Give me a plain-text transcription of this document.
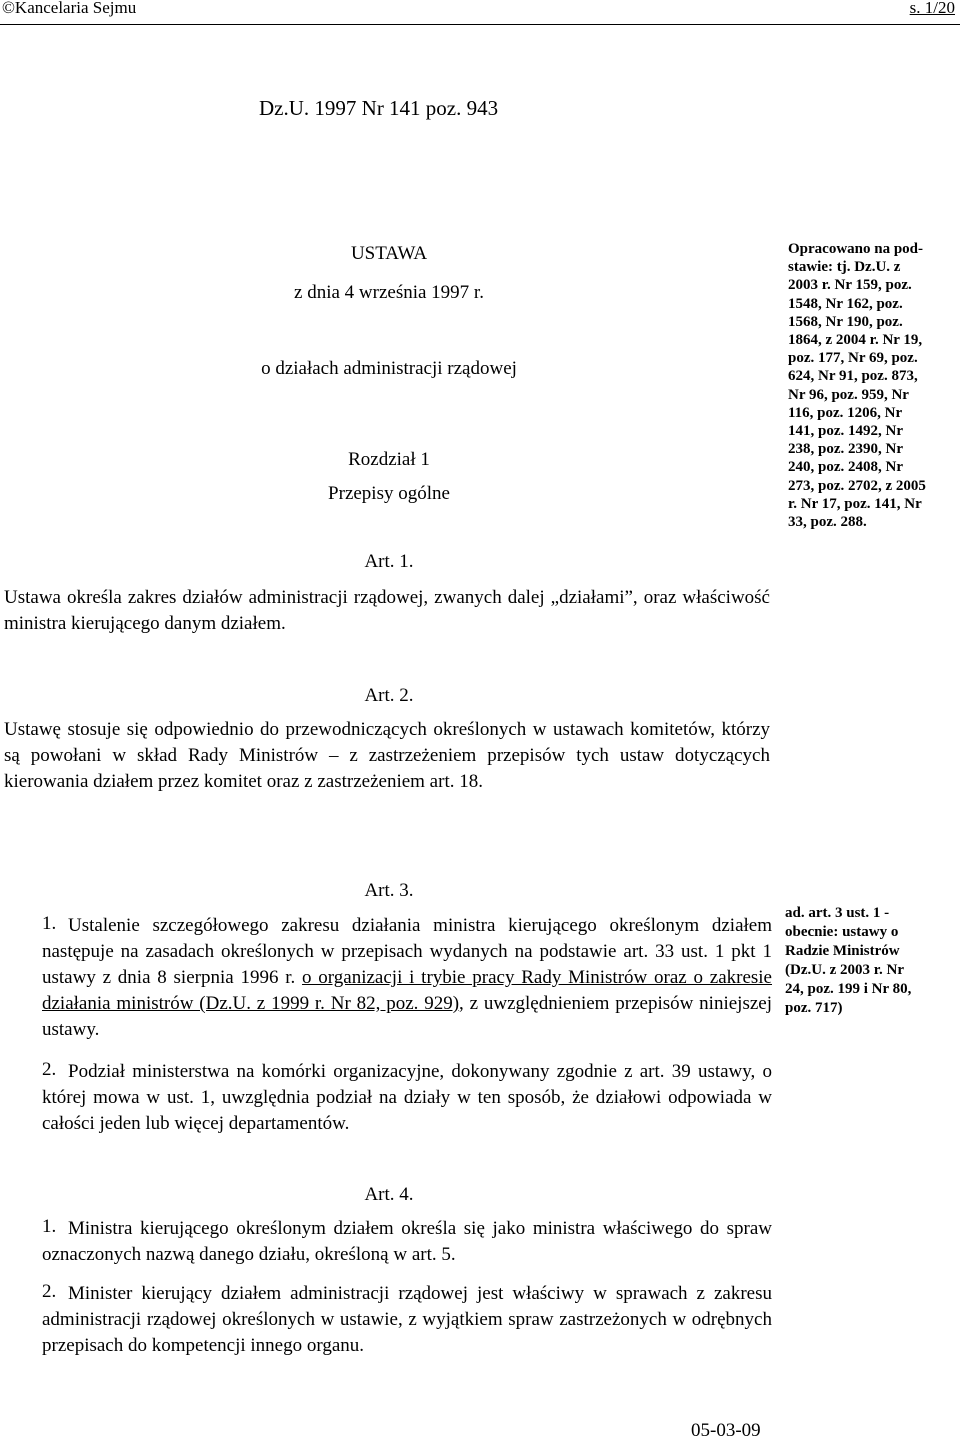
©Kancelaria Sejmu	s. 1/20
Dz.U. 1997 Nr 141 poz. 943
USTAWA
z dnia 4 września 1997 r.
o działach administracji rządowej
Rozdział 1
Przepisy ogólne
Opracowano na pod-
stawie: tj. Dz.U. z
2003 r. Nr 159, poz.
1548, Nr 162, poz.
1568, Nr 190, poz.
1864, z 2004 r. Nr 19,
poz. 177, Nr 69, poz.
624, Nr 91, poz. 873,
Nr 96, poz. 959, Nr
116, poz. 1206, Nr
141, poz. 1492, Nr
238, poz. 2390, Nr
240, poz. 2408, Nr
273, poz. 2702, z 2005
r. Nr 17, poz. 141, Nr
33, poz. 288.
Art. 1.
Ustawa określa zakres działów administracji rządowej, zwanych dalej „działami”, oraz właściwość ministra kierującego danym działem.
Art. 2.
Ustawę stosuje się odpowiednio do przewodniczących określonych w ustawach komitetów, którzy są powołani w skład Rady Ministrów – z zastrzeżeniem przepisów tych ustaw dotyczących kierowania działem przez komitet oraz z zastrzeżeniem art. 18.
Art. 3.
1. Ustalenie szczegółowego zakresu działania ministra kierującego określonym działem następuje na zasadach określonych w przepisach wydanych na podstawie art. 33 ust. 1 pkt 1 ustawy z dnia 8 sierpnia 1996 r. o organizacji i trybie pracy Rady Ministrów oraz o zakresie działania ministrów (Dz.U. z 1999 r. Nr 82, poz. 929), z uwzględnieniem przepisów niniejszej ustawy.
2. Podział ministerstwa na komórki organizacyjne, dokonywany zgodnie z art. 39 ustawy, o której mowa w ust. 1, uwzględnia podział na działy w ten sposób, że działowi odpowiada w całości jeden lub więcej departamentów.
ad. art. 3 ust. 1 -
obecnie: ustawy o
Radzie Ministrów
(Dz.U. z 2003 r. Nr
24, poz. 199 i Nr 80,
poz. 717)
Art. 4.
1. Ministra kierującego określonym działem określa się jako ministra właściwego do spraw oznaczonych nazwą danego działu, określoną w art. 5.
2. Minister kierujący działem administracji rządowej jest właściwy w sprawach z zakresu administracji rządowej określonych w ustawie, z wyjątkiem spraw zastrzeżonych w odrębnych przepisach do kompetencji innego organu.
05-03-09
